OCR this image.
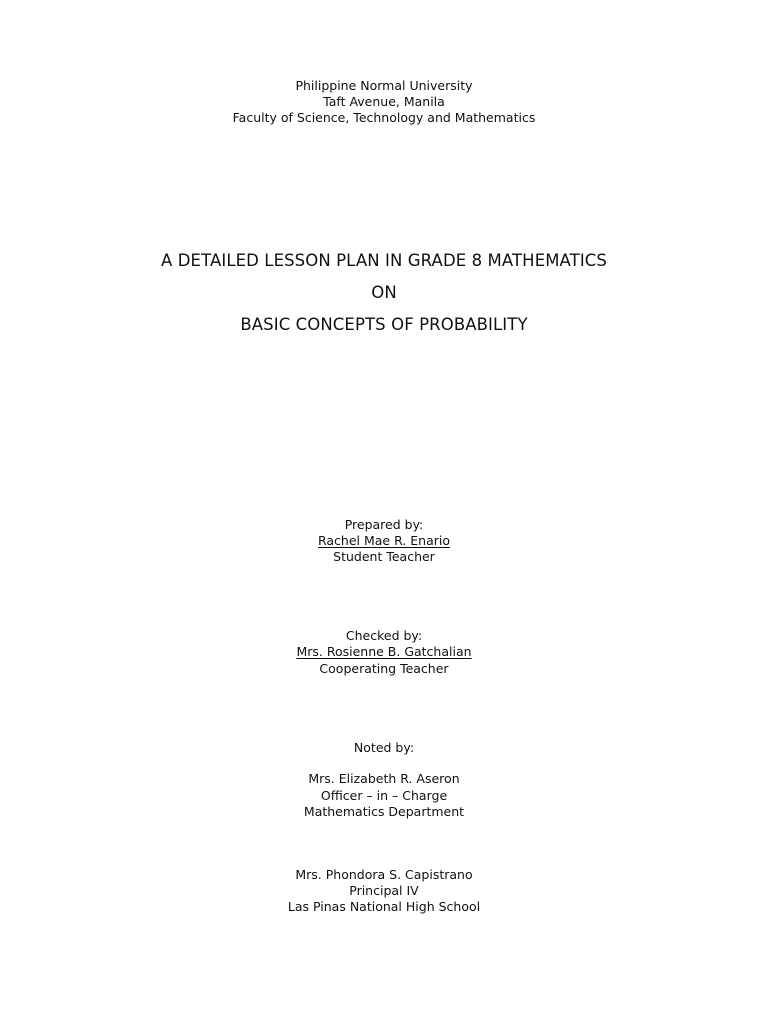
Philippine Normal University
Taft Avenue, Manila
Faculty of Science, Technology and Mathematics
A DETAILED LESSON PLAN IN GRADE 8 MATHEMATICS
ON
BASIC CONCEPTS OF PROBABILITY
Prepared by:
Rachel Mae R. Enario
Student Teacher
Checked by:
Mrs. Rosienne B. Gatchalian
Cooperating Teacher
Noted by:
Mrs. Elizabeth R. Aseron
Officer – in – Charge
Mathematics Department
Mrs. Phondora S. Capistrano
Principal IV
Las Pinas National High School
